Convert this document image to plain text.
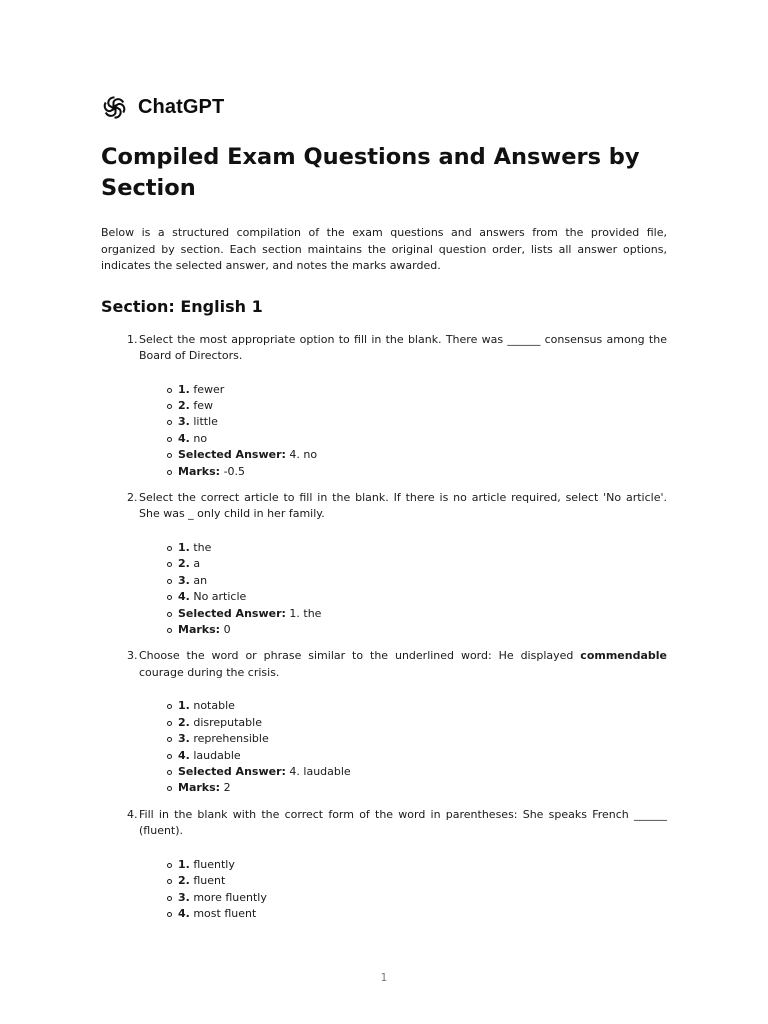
ChatGPT
Compiled Exam Questions and Answers by Section

Below is a structured compilation of the exam questions and answers from the provided file, organized by section. Each section maintains the original question order, lists all answer options, indicates the selected answer, and notes the marks awarded.

Section: English 1
1. Select the most appropriate option to fill in the blank. There was ______ consensus among the Board of Directors.
1. fewer
2. few
3. little
4. no
Selected Answer: 4. no
Marks: -0.5
2. Select the correct article to fill in the blank. If there is no article required, select 'No article'. She was _ only child in her family.
1. the
2. a
3. an
4. No article
Selected Answer: 1. the
Marks: 0
3. Choose the word or phrase similar to the underlined word: He displayed commendable courage during the crisis.
1. notable
2. disreputable
3. reprehensible
4. laudable
Selected Answer: 4. laudable
Marks: 2
4. Fill in the blank with the correct form of the word in parentheses: She speaks French ______ (fluent).
1. fluently
2. fluent
3. more fluently
4. most fluent
1
